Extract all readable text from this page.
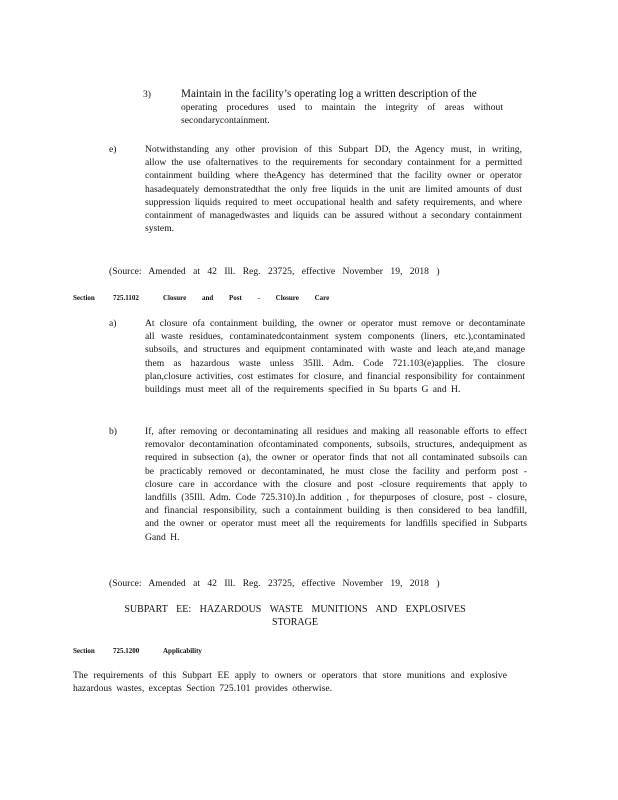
3)	Maintain in the facility’s operating log a written description of the
operating procedures used to maintain the integrity of areas without secondarycontainment.
e)	Notwithstanding any other provision of this Subpart DD, the Agency must, in writing, allow the use ofalternatives to the requirements for secondary containment for a permitted containment building where theAgency has determined that the facility owner or operator hasadequately demonstratedthat the only free liquids in the unit are limited amounts of dust suppression liquids required to meet occupational health and safety requirements, and where containment of managedwastes and liquids can be assured without a secondary containment system.
(Source: Amended at 42 Ill. Reg. 23725, effective November 19, 2018 )
Section	725.1102	Closure and Post - Closure Care
a)	At closure ofa containment building, the owner or operator must remove or decontaminate all waste residues, contaminatedcontainment system components (liners, etc.),contaminated subsoils, and structures and equipment contaminated with waste and leach ate,and manage them as hazardous waste unless 35Ill. Adm. Code 721.103(e)applies. The closure plan,closure activities, cost estimates for closure, and financial responsibility for containment buildings must meet all of the requirements specified in Su bparts G and H.
b)	If, after removing or decontaminating all residues and making all reasonable efforts to effect removalor decontamination ofcontaminated components, subsoils, structures, andequipment as required in subsection (a), the owner or operator finds that not all contaminated subsoils can be practicably removed or decontaminated, he must close the facility and perform post -closure care in accordance with the closure and post -closure requirements that apply to landfills (35Ill. Adm. Code 725.310).In addition , for thepurposes of closure, post - closure, and financial responsibility, such a containment building is then considered to bea landfill, and the owner or operator must meet all the requirements for landfills specified in Subparts Gand H.
(Source: Amended at 42 Ill. Reg. 23725, effective November 19, 2018 )
SUBPART EE: HAZARDOUS WASTE MUNITIONS AND EXPLOSIVES
STORAGE
Section	725.1200	Applicability
The requirements of this Subpart EE apply to owners or operators that store munitions and explosive hazardous wastes, exceptas Section 725.101 provides otherwise.
